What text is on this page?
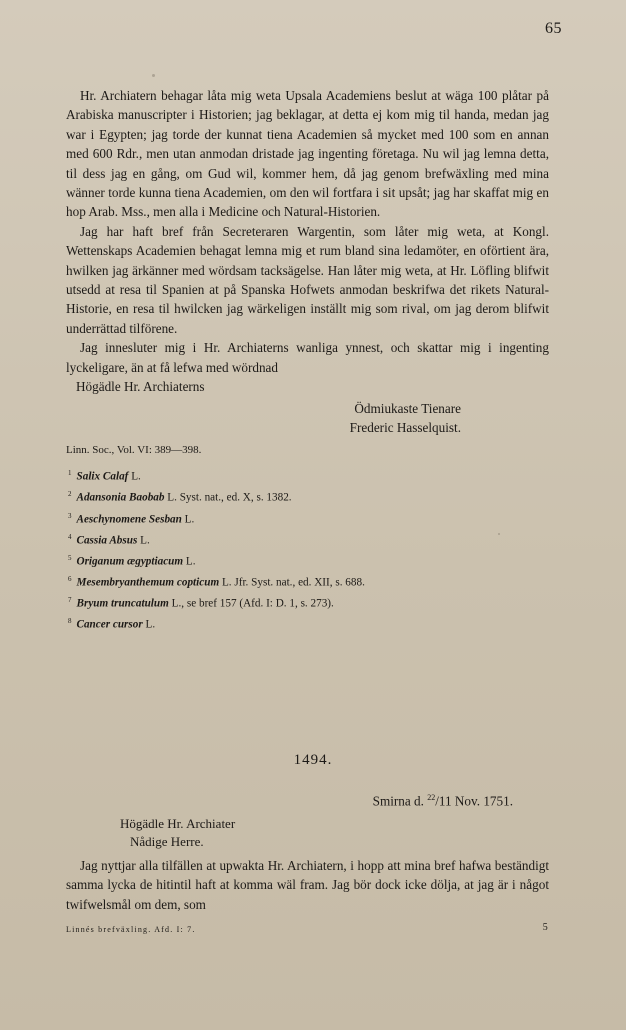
65

Hr. Archiatern behagar låta mig weta Upsala Academiens beslut at wäga 100 plåtar på Arabiska manuscripter i Historien; jag beklagar, at detta ej kom mig til handa, medan jag war i Egypten; jag torde der kunnat tiena Academien så mycket med 100 som en annan med 600 Rdr., men utan anmodan dristade jag ingenting företaga. Nu wil jag lemna detta, til dess jag en gång, om Gud wil, kommer hem, då jag genom brefwäxling med mina wänner torde kunna tiena Academien, om den wil fortfara i sit upsåt; jag har skaffat mig en hop Arab. Mss., men alla i Medicine och Natural-Historien.

Jag har haft bref från Secreteraren Wargentin, som låter mig weta, at Kongl. Wettenskaps Academien behagat lemna mig et rum bland sina ledamöter, en oförtient ära, hwilken jag ärkänner med wördsam tacksägelse. Han låter mig weta, at Hr. Löfling blifwit utsedd at resa til Spanien at på Spanska Hofwets anmodan beskrifwa det rikets Natural-Historie, en resa til hwilcken jag wärkeligen inställt mig som rival, om jag derom blifwit underrättad tilförene.

Jag innesluter mig i Hr. Archiaterns wanliga ynnest, och skattar mig i ingenting lyckeligare, än at få lefwa med wördnad

Högädle Hr. Archiaterns

Ödmiukaste Tienare

Frederic Hasselquist.

Linn. Soc., Vol. VI: 389—398.

$^1$ Salix Calaf L.
$^2$ Adansonia Baobab L. Syst. nat., ed. X, s. 1382.
$^3$ Aeschynomene Sesban L.
$^4$ Cassia Absus L.
$^5$ Origanum ægyptiacum L.
$^6$ Mesembryanthemum copticum L. Jfr. Syst. nat., ed. XII, s. 688.
$^7$ Bryum truncatulum L., se bref 157 (Afd. I: D. 1, s. 273).
$^8$ Cancer cursor L.
1494.
Smirna d. $^{22}$/11 Nov. 1751.

Högädle Hr. Archiater

Nådige Herre.

Jag nyttjar alla tilfällen at upwakta Hr. Archiatern, i hopp att mina bref hafwa beständigt samma lycka de hitintil haft at komma wäl fram. Jag bör dock icke dölja, at jag är i något twifwelsmål om dem, som

Linnés brefväxling. Afd. I: 7.	5
